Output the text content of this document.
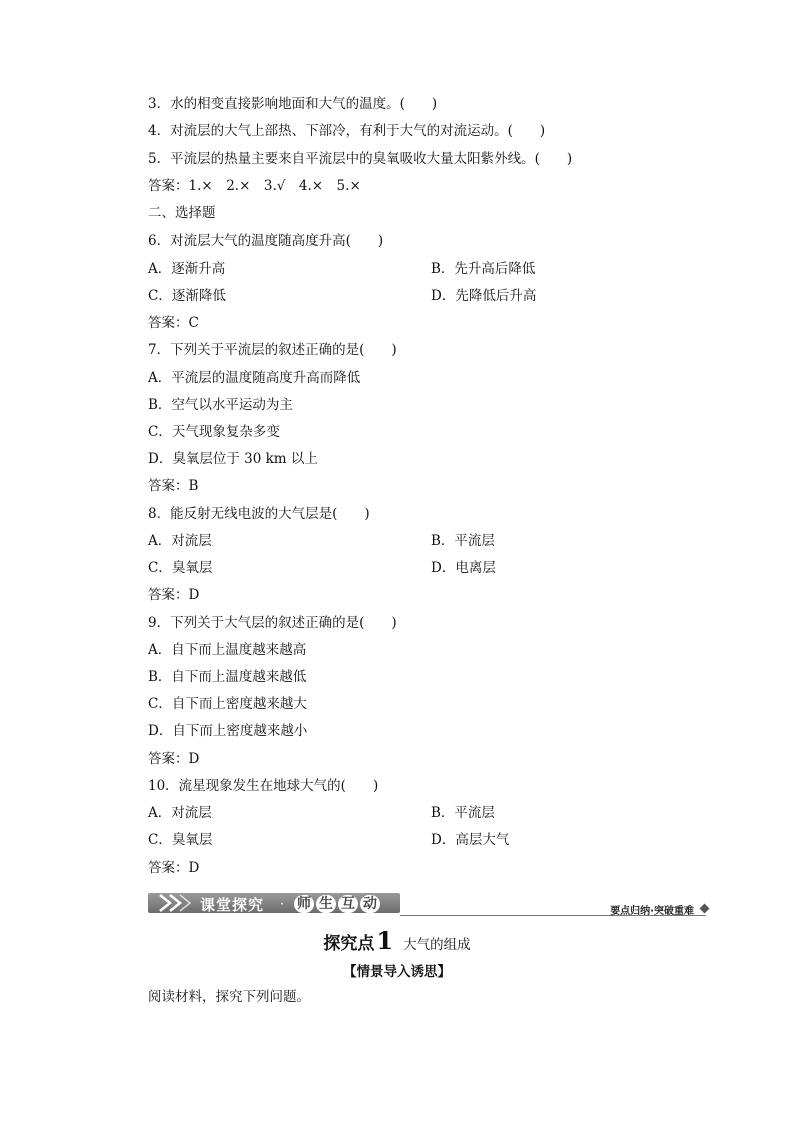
3．水的相变直接影响地面和大气的温度。(　　)
4．对流层的大气上部热、下部冷，有利于大气的对流运动。(　　)
5．平流层的热量主要来自平流层中的臭氧吸收大量太阳紫外线。(　　)
答案：1.×　2.×　3.√　4.×　5.×
二、选择题
6．对流层大气的温度随高度升高(　　)
A．逐渐升高	B．先升高后降低
C．逐渐降低	D．先降低后升高
答案：C
7．下列关于平流层的叙述正确的是(　　)
A．平流层的温度随高度升高而降低
B．空气以水平运动为主
C．天气现象复杂多变
D．臭氧层位于 30 km 以上
答案：B
8．能反射无线电波的大气层是(　　)
A．对流层	B．平流层
C．臭氧层	D．电离层
答案：D
9．下列关于大气层的叙述正确的是(　　)
A．自下而上温度越来越高
B．自下而上温度越来越低
C．自下而上密度越来越大
D．自下而上密度越来越小
答案：D
10．流星现象发生在地球大气的(　　)
A．对流层	B．平流层
C．臭氧层	D．高层大气
答案：D
课堂探究 · 师 生 互 动	要点归纳·突破重难
探究点1 大气的组成
【情景导入诱思】
阅读材料，探究下列问题。
